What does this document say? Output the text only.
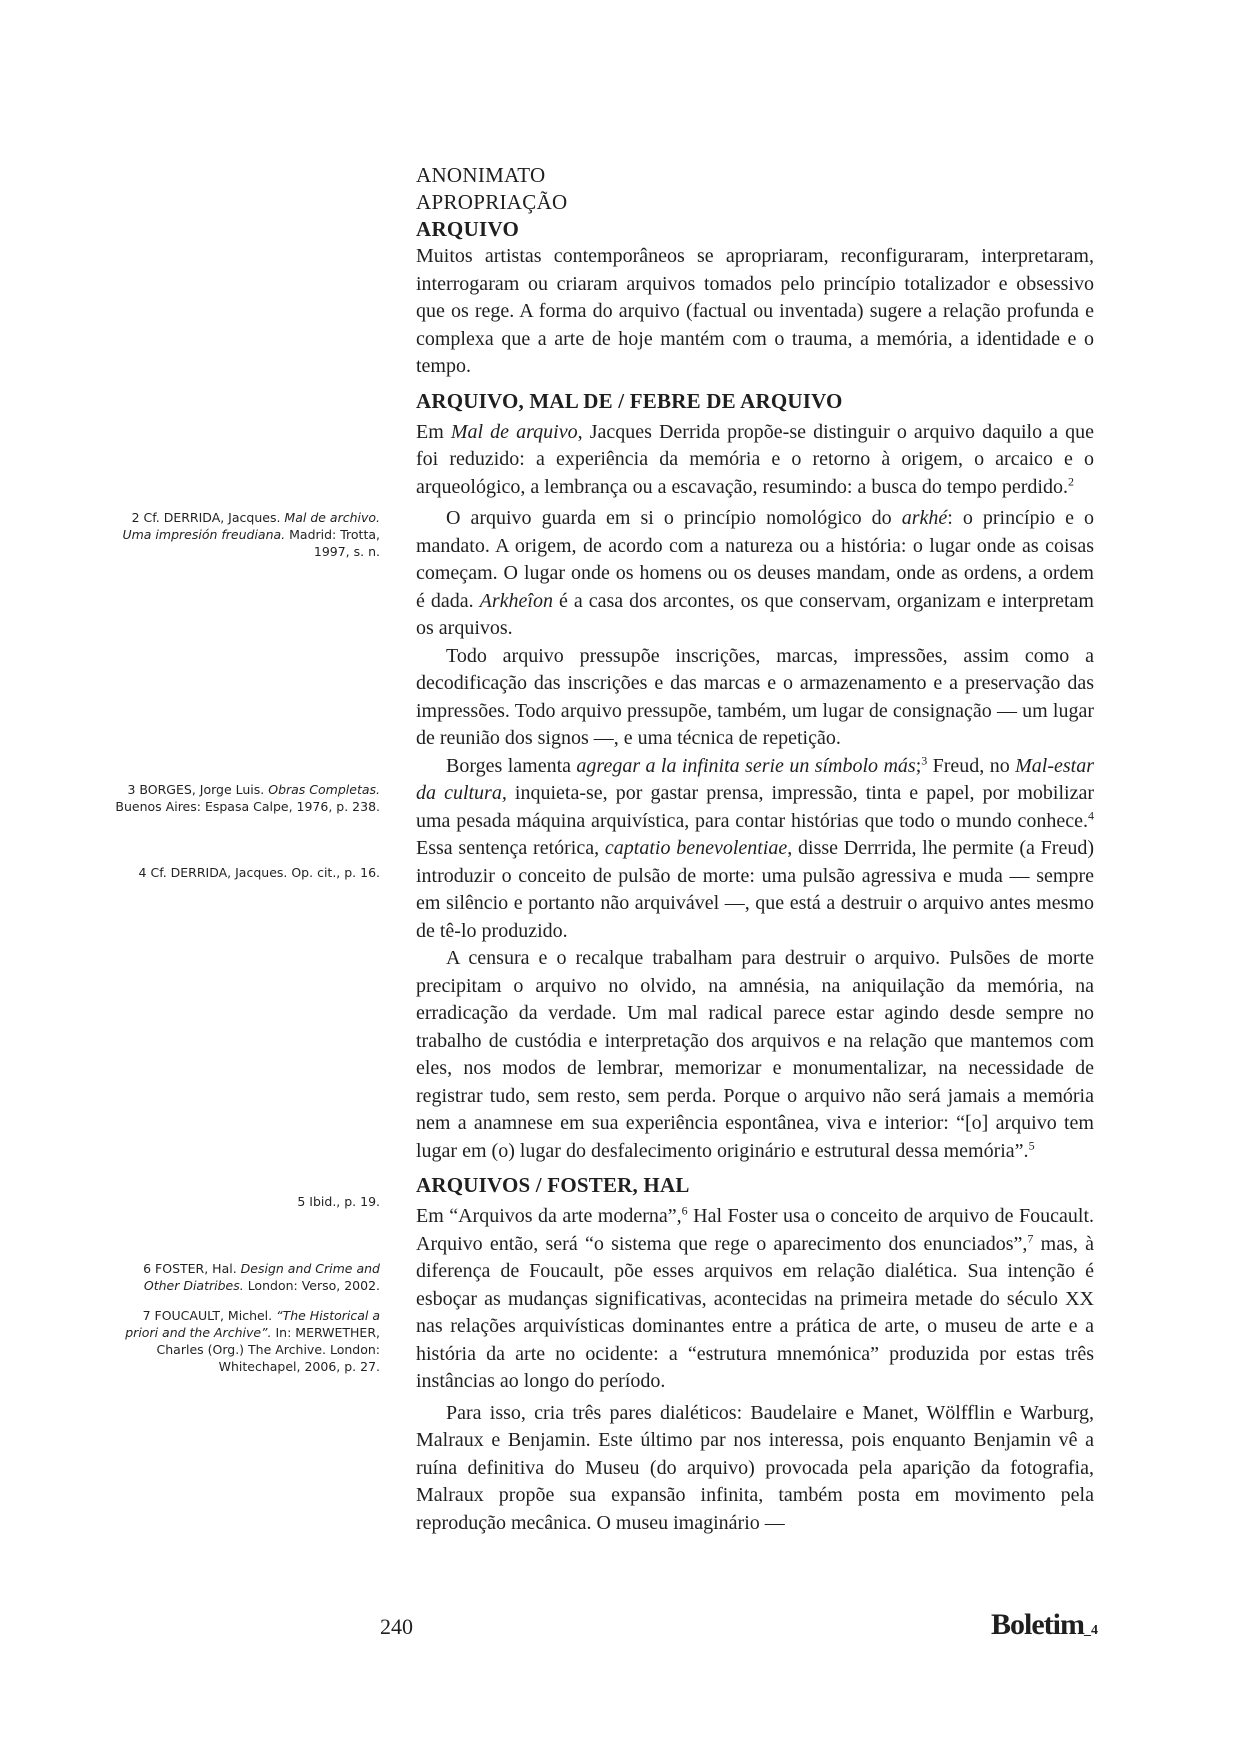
ANONIMATO

APROPRIAÇÃO

ARQUIVO

Muitos artistas contemporâneos se apropriaram, reconfiguraram, interpretaram, interrogaram ou criaram arquivos tomados pelo princípio totalizador e obsessivo que os rege. A forma do arquivo (factual ou inventada) sugere a relação profunda e complexa que a arte de hoje mantém com o trauma, a memória, a identidade e o tempo.

ARQUIVO, MAL DE / FEBRE DE ARQUIVO

Em Mal de arquivo, Jacques Derrida propõe-se distinguir o arquivo daquilo a que foi reduzido: a experiência da memória e o retorno à origem, o arcaico e o arqueológico, a lembrança ou a escavação, resumindo: a busca do tempo perdido.$^2$

O arquivo guarda em si o princípio nomológico do arkhé: o princípio e o mandato. A origem, de acordo com a natureza ou a história: o lugar onde as coisas começam. O lugar onde os homens ou os deuses mandam, onde as ordens, a ordem é dada. Arkheîon é a casa dos arcontes, os que conservam, organizam e interpretam os arquivos.

Todo arquivo pressupõe inscrições, marcas, impressões, assim como a decodificação das inscrições e das marcas e o armazenamento e a preservação das impressões. Todo arquivo pressupõe, também, um lugar de consignação — um lugar de reunião dos signos —, e uma técnica de repetição.

Borges lamenta agregar a la infinita serie un símbolo más;$^3$ Freud, no Mal-estar da cultura, inquieta-se, por gastar prensa, impressão, tinta e papel, por mobilizar uma pesada máquina arquivística, para contar histórias que todo o mundo conhece.$^4$ Essa sentença retórica, captatio benevolentiae, disse Derrrida, lhe permite (a Freud) introduzir o conceito de pulsão de morte: uma pulsão agressiva e muda — sempre em silêncio e portanto não arquivável —, que está a destruir o arquivo antes mesmo de tê-lo produzido.

A censura e o recalque trabalham para destruir o arquivo. Pulsões de morte precipitam o arquivo no olvido, na amnésia, na aniquilação da memória, na erradicação da verdade. Um mal radical parece estar agindo desde sempre no trabalho de custódia e interpretação dos arquivos e na relação que mantemos com eles, nos modos de lembrar, memorizar e monumentalizar, na necessidade de registrar tudo, sem resto, sem perda. Porque o arquivo não será jamais a memória nem a anamnese em sua experiência espontânea, viva e interior: “[o] arquivo tem lugar em (o) lugar do desfalecimento originário e estrutural dessa memória”.$^5$

ARQUIVOS / FOSTER, HAL

Em “Arquivos da arte moderna”,$^6$ Hal Foster usa o conceito de arquivo de Foucault. Arquivo então, será “o sistema que rege o aparecimento dos enunciados”,$^7$ mas, à diferença de Foucault, põe esses arquivos em relação dialética. Sua intenção é esboçar as mudanças significativas, acontecidas na primeira metade do século XX nas relações arquivísticas dominantes entre a prática de arte, o museu de arte e a história da arte no ocidente: a “estrutura mnemónica” produzida por estas três instâncias ao longo do período.

Para isso, cria três pares dialéticos: Baudelaire e Manet, Wölfflin e Warburg, Malraux e Benjamin. Este último par nos interessa, pois enquanto Benjamin vê a ruína definitiva do Museu (do arquivo) provocada pela aparição da fotografia, Malraux propõe sua expansão infinita, também posta em movimento pela reprodução mecânica. O museu imaginário —

2 Cf. DERRIDA, Jacques. Mal de archivo. Uma impresión freudiana. Madrid: Trotta, 1997, s. n.
3 BORGES, Jorge Luis. Obras Completas. Buenos Aires: Espasa Calpe, 1976, p. 238.
4 Cf. DERRIDA, Jacques. Op. cit., p. 16.
5 Ibid., p. 19.
6 FOSTER, Hal. Design and Crime and Other Diatribes. London: Verso, 2002.
7 FOUCAULT, Michel. “The Historical a priori and the Archive”. In: MERWETHER, Charles (Org.) The Archive. London: Whitechapel, 2006, p. 27.
240	Boletim_4
